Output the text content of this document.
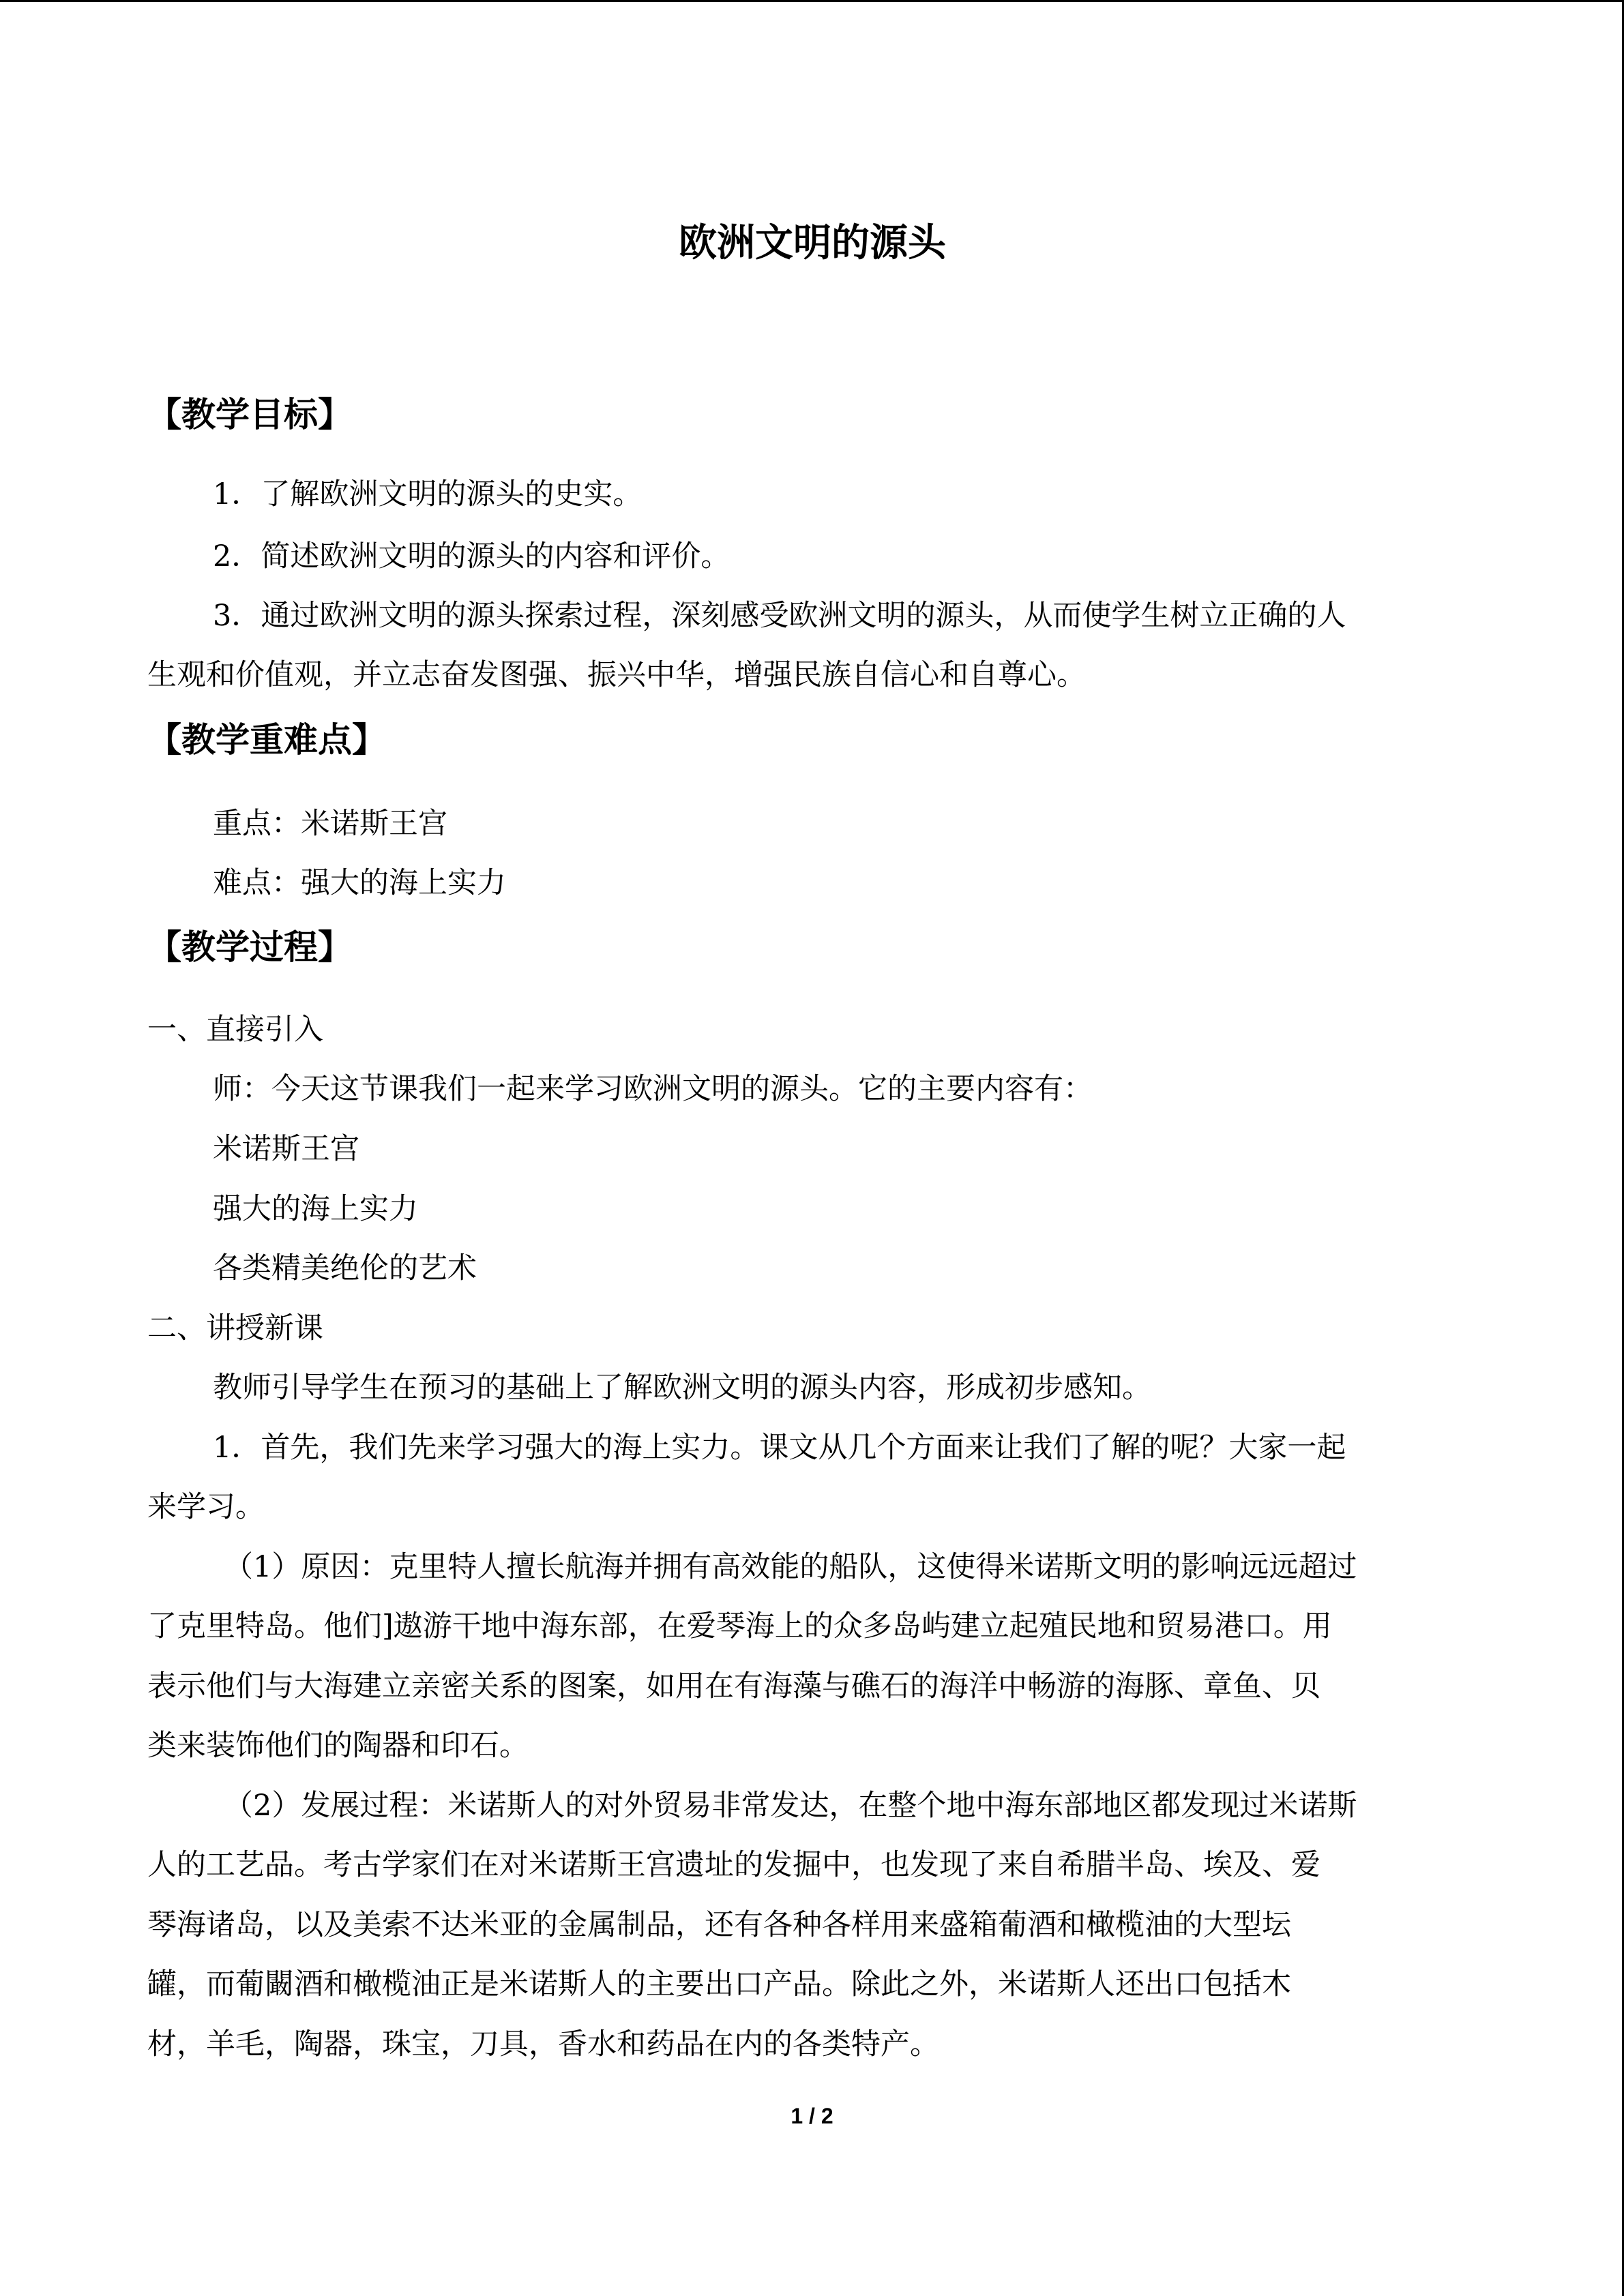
欧洲文明的源头
【教学目标】
1．了解欧洲文明的源头的史实。
2．简述欧洲文明的源头的内容和评价。
3．通过欧洲文明的源头探索过程，深刻感受欧洲文明的源头，从而使学生树立正确的人
生观和价值观，并立志奋发图强、振兴中华，增强民族自信心和自尊心。
【教学重难点】
重点：米诺斯王宫
难点：强大的海上实力
【教学过程】
一、直接引入
师：今天这节课我们一起来学习欧洲文明的源头。它的主要内容有：
米诺斯王宫
强大的海上实力
各类精美绝伦的艺术
二、讲授新课
教师引导学生在预习的基础上了解欧洲文明的源头内容，形成初步感知。
1．首先，我们先来学习强大的海上实力。课文从几个方面来让我们了解的呢？大家一起
来学习。
（1）原因：克里特人擅长航海并拥有高效能的船队，这使得米诺斯文明的影响远远超过
了克里特岛。他们]遨游干地中海东部，在爱琴海上的众多岛屿建立起殖民地和贸易港口。用
表示他们与大海建立亲密关系的图案，如用在有海藻与礁石的海洋中畅游的海豚、章鱼、贝
类来装饰他们的陶器和印石。
（2）发展过程：米诺斯人的对外贸易非常发达，在整个地中海东部地区都发现过米诺斯
人的工艺品。考古学家们在对米诺斯王宫遗址的发掘中，也发现了来自希腊半岛、埃及、爱
琴海诸岛，以及美索不达米亚的金属制品，还有各种各样用来盛箱葡酒和橄榄油的大型坛
罐，而葡闞酒和橄榄油正是米诺斯人的主要出口产品。除此之外，米诺斯人还出口包括木
材，羊毛，陶器，珠宝，刀具，香水和药品在内的各类特产。
1 / 2
